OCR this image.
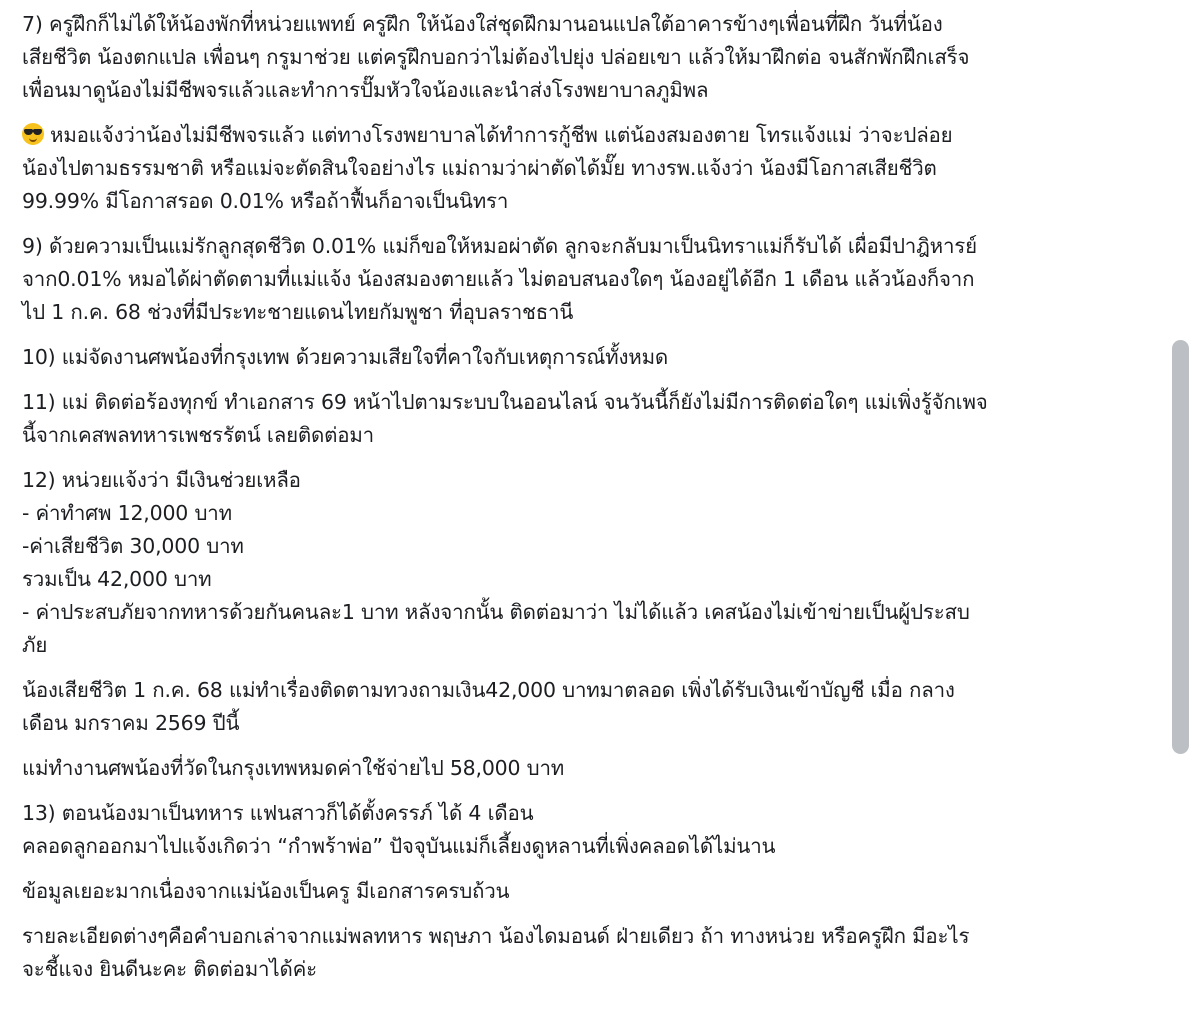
7) ครูฝึกก็ไม่ได้ให้น้องพักที่หน่วยแพทย์ ครูฝึก ให้น้องใส่ชุดฝึกมานอนแปลใต้อาคารข้างๆเพื่อนที่ฝึก วันที่น้อง
เสียชีวิต น้องตกแปล เพื่อนๆ กรูมาช่วย แต่ครูฝึกบอกว่าไม่ต้องไปยุ่ง ปล่อยเขา แล้วให้มาฝึกต่อ จนสักพักฝึกเสร็จ
เพื่อนมาดูน้องไม่มีชีพจรแล้วและทำการปั๊มหัวใจน้องและนำส่งโรงพยาบาลภูมิพล
หมอแจ้งว่าน้องไม่มีชีพจรแล้ว แต่ทางโรงพยาบาลได้ทำการกู้ชีพ แต่น้องสมองตาย โทรแจ้งแม่ ว่าจะปล่อย
น้องไปตามธรรมชาติ หรือแม่จะตัดสินใจอย่างไร แม่ถามว่าผ่าตัดได้มั๊ย ทางรพ.แจ้งว่า น้องมีโอกาสเสียชีวิต
99.99% มีโอกาสรอด 0.01% หรือถ้าฟื้นก็อาจเป็นนิทรา
9) ด้วยความเป็นแม่รักลูกสุดชีวิต 0.01% แม่ก็ขอให้หมอผ่าตัด ลูกจะกลับมาเป็นนิทราแม่ก็รับได้ เผื่อมีปาฎิหารย์
จาก0.01% หมอได้ผ่าตัดตามที่แม่แจ้ง น้องสมองตายแล้ว ไม่ตอบสนองใดๆ น้องอยู่ได้อีก 1 เดือน แล้วน้องก็จาก
ไป 1 ก.ค. 68 ช่วงที่มีประทะชายแดนไทยกัมพูชา ที่อุบลราชธานี
10) แม่จัดงานศพน้องที่กรุงเทพ ด้วยความเสียใจที่คาใจกับเหตุการณ์ทั้งหมด
11) แม่ ติดต่อร้องทุกข์ ทำเอกสาร 69 หน้าไปตามระบบในออนไลน์ จนวันนี้ก็ยังไม่มีการติดต่อใดๆ แม่เพิ่งรู้จักเพจ
นี้จากเคสพลทหารเพชรรัตน์ เลยติดต่อมา
12) หน่วยแจ้งว่า มีเงินช่วยเหลือ
- ค่าทำศพ 12,000 บาท
-ค่าเสียชีวิต 30,000 บาท
รวมเป็น 42,000 บาท
- ค่าประสบภัยจากทหารด้วยกันคนละ1 บาท หลังจากนั้น ติดต่อมาว่า ไม่ได้แล้ว เคสน้องไม่เข้าข่ายเป็นผู้ประสบ
ภัย
น้องเสียชีวิต 1 ก.ค. 68 แม่ทำเรื่องติดตามทวงถามเงิน42,000 บาทมาตลอด เพิ่งได้รับเงินเข้าบัญชี เมื่อ กลาง
เดือน มกราคม 2569 ปีนี้
แม่ทำงานศพน้องที่วัดในกรุงเทพหมดค่าใช้จ่ายไป 58,000 บาท
13) ตอนน้องมาเป็นทหาร แฟนสาวก็ได้ตั้งครรภ์ ได้ 4 เดือน
คลอดลูกออกมาไปแจ้งเกิดว่า “กำพร้าพ่อ” ปัจจุบันแม่ก็เลี้ยงดูหลานที่เพิ่งคลอดได้ไม่นาน
ข้อมูลเยอะมากเนื่องจากแม่น้องเป็นครู มีเอกสารครบถ้วน
รายละเอียดต่างๆคือคำบอกเล่าจากแม่พลทหาร พฤษภา น้องไดมอนด์ ฝ่ายเดียว ถ้า ทางหน่วย หรือครูฝึก มีอะไร
จะชี้แจง ยินดีนะคะ ติดต่อมาได้ค่ะ
